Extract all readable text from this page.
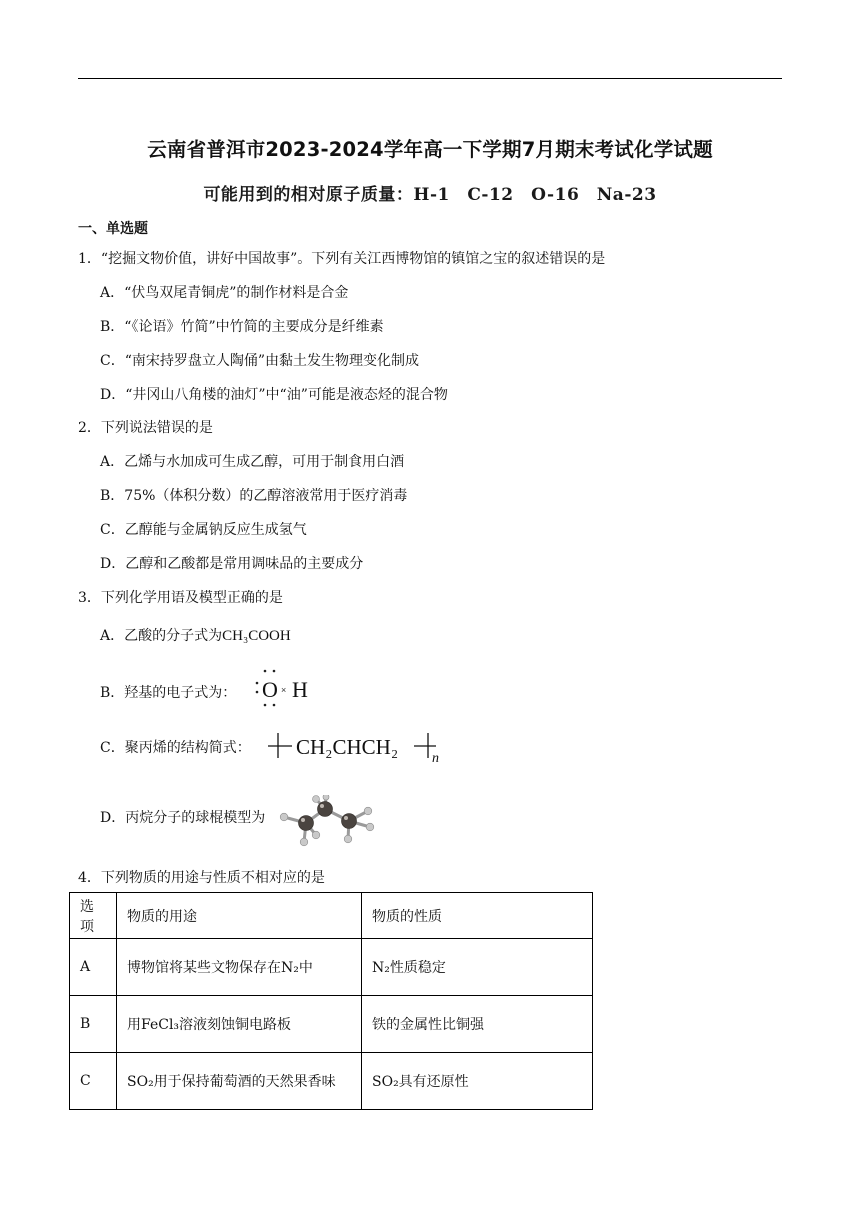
云南省普洱市2023-2024学年高一下学期7月期末考试化学试题
可能用到的相对原子质量：H-1　C-12　O-16　Na-23
一、单选题
1．“挖掘文物价值，讲好中国故事”。下列有关江西博物馆的镇馆之宝的叙述错误的是
A．“伏鸟双尾青铜虎”的制作材料是合金
B．“《论语》竹简”中竹简的主要成分是纤维素
C．“南宋持罗盘立人陶俑”由黏土发生物理变化制成
D．“井冈山八角楼的油灯”中“油”可能是液态烃的混合物
2．下列说法错误的是
A．乙烯与水加成可生成乙醇，可用于制食用白酒
B．75%（体积分数）的乙醇溶液常用于医疗消毒
C．乙醇能与金属钠反应生成氢气
D．乙醇和乙酸都是常用调味品的主要成分
3．下列化学用语及模型正确的是
A．乙酸的分子式为CH₃COOH
B．羟基的电子式为： O × H
C．聚丙烯的结构简式： CH₂CHCH₂ n
D．丙烷分子的球棍模型为
4．下列物质的用途与性质不相对应的是
选项	物质的用途	物质的性质
A	博物馆将某些文物保存在N₂中	N₂性质稳定
B	用FeCl₃溶液刻蚀铜电路板	铁的金属性比铜强
C	SO₂用于保持葡萄酒的天然果香味	SO₂具有还原性
